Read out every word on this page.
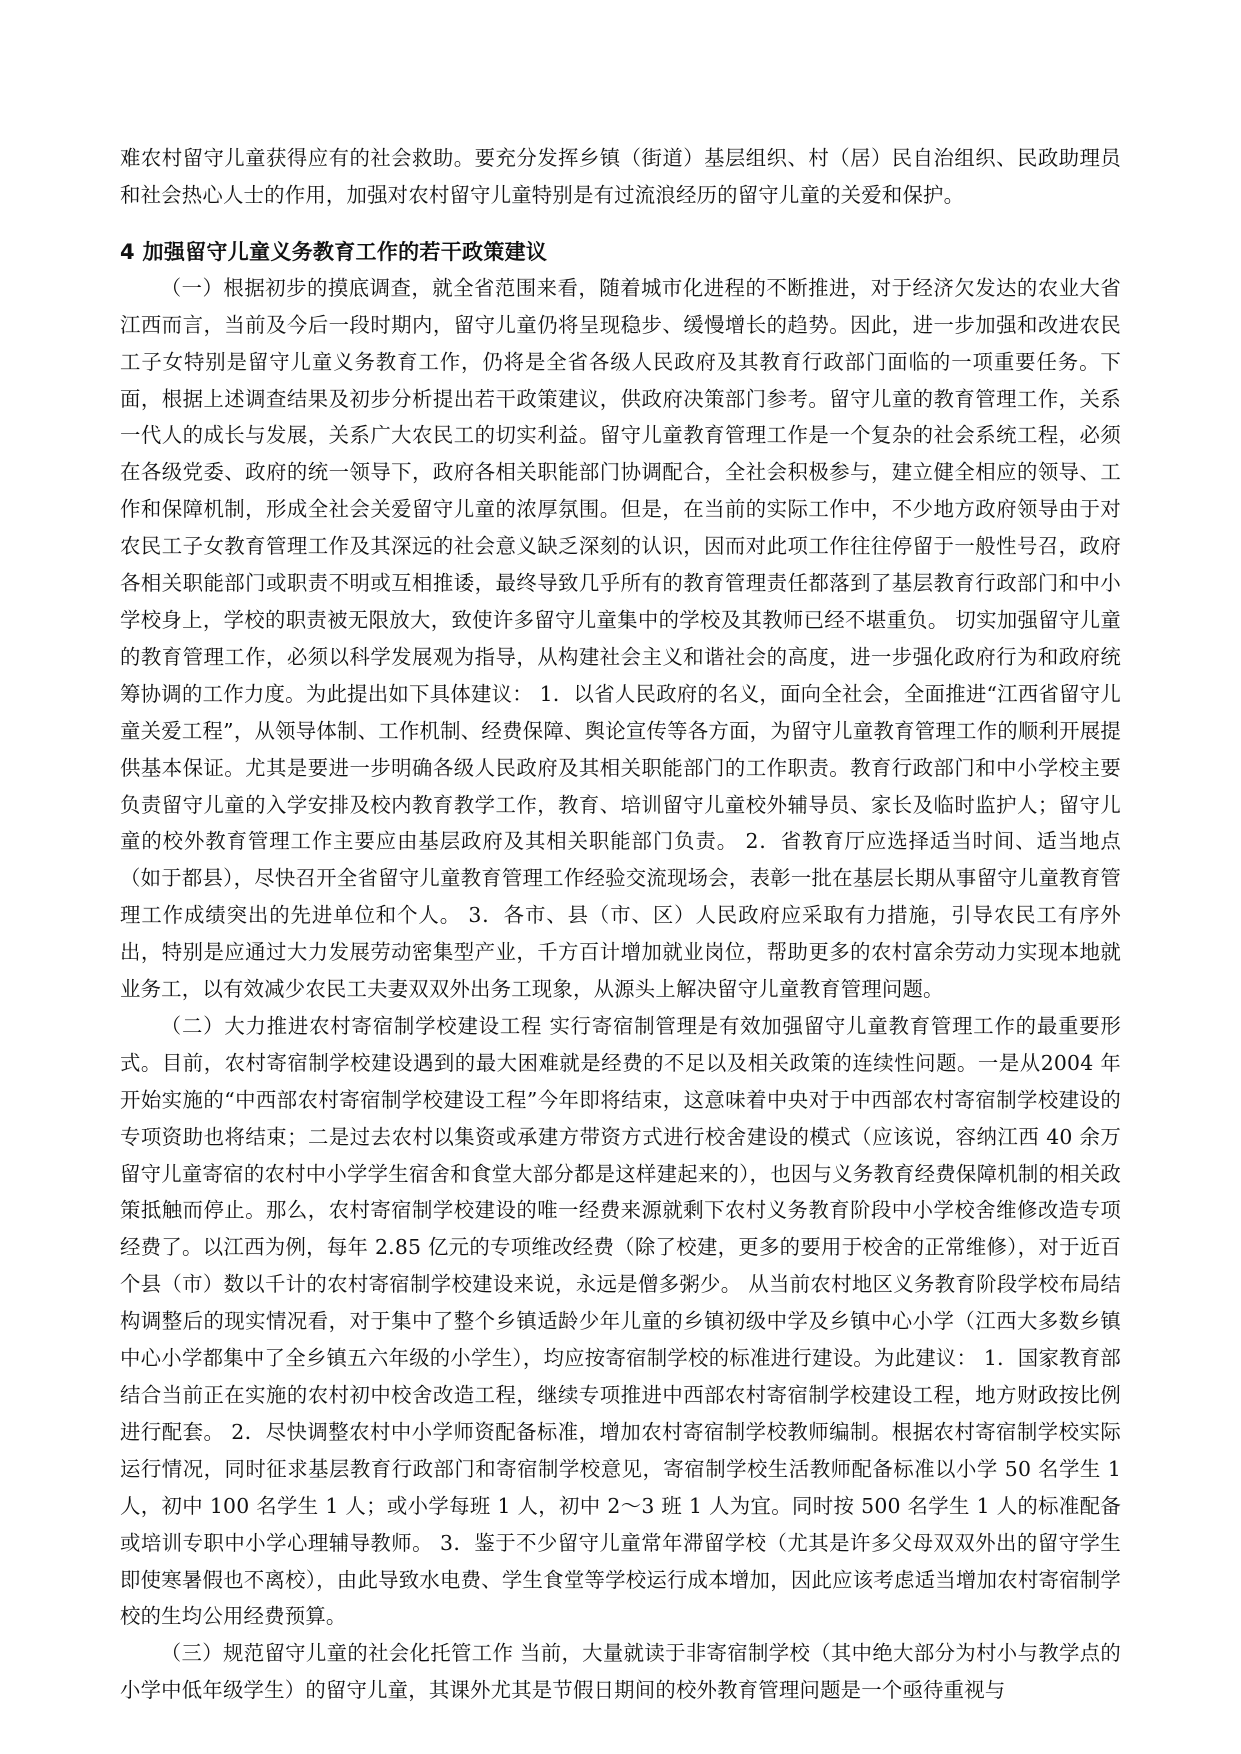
难农村留守儿童获得应有的社会救助。要充分发挥乡镇（街道）基层组织、村（居）民自治组织、民政助理员和社会热心人士的作用，加强对农村留守儿童特别是有过流浪经历的留守儿童的关爱和保护。

4 加强留守儿童义务教育工作的若干政策建议

（一）根据初步的摸底调查，就全省范围来看，随着城市化进程的不断推进，对于经济欠发达的农业大省江西而言，当前及今后一段时期内，留守儿童仍将呈现稳步、缓慢增长的趋势。因此，进一步加强和改进农民工子女特别是留守儿童义务教育工作，仍将是全省各级人民政府及其教育行政部门面临的一项重要任务。下面，根据上述调查结果及初步分析提出若干政策建议，供政府决策部门参考。留守儿童的教育管理工作，关系一代人的成长与发展，关系广大农民工的切实利益。留守儿童教育管理工作是一个复杂的社会系统工程，必须在各级党委、政府的统一领导下，政府各相关职能部门协调配合，全社会积极参与，建立健全相应的领导、工作和保障机制，形成全社会关爱留守儿童的浓厚氛围。但是，在当前的实际工作中，不少地方政府领导由于对农民工子女教育管理工作及其深远的社会意义缺乏深刻的认识，因而对此项工作往往停留于一般性号召，政府各相关职能部门或职责不明或互相推诿，最终导致几乎所有的教育管理责任都落到了基层教育行政部门和中小学校身上，学校的职责被无限放大，致使许多留守儿童集中的学校及其教师已经不堪重负。 切实加强留守儿童的教育管理工作，必须以科学发展观为指导，从构建社会主义和谐社会的高度，进一步强化政府行为和政府统筹协调的工作力度。为此提出如下具体建议： 1．以省人民政府的名义，面向全社会，全面推进“江西省留守儿童关爱工程”，从领导体制、工作机制、经费保障、舆论宣传等各方面，为留守儿童教育管理工作的顺利开展提供基本保证。尤其是要进一步明确各级人民政府及其相关职能部门的工作职责。教育行政部门和中小学校主要负责留守儿童的入学安排及校内教育教学工作，教育、培训留守儿童校外辅导员、家长及临时监护人；留守儿童的校外教育管理工作主要应由基层政府及其相关职能部门负责。 2．省教育厅应选择适当时间、适当地点（如于都县），尽快召开全省留守儿童教育管理工作经验交流现场会，表彰一批在基层长期从事留守儿童教育管理工作成绩突出的先进单位和个人。 3．各市、县（市、区）人民政府应采取有力措施，引导农民工有序外出，特别是应通过大力发展劳动密集型产业，千方百计增加就业岗位，帮助更多的农村富余劳动力实现本地就业务工，以有效减少农民工夫妻双双外出务工现象，从源头上解决留守儿童教育管理问题。

（二）大力推进农村寄宿制学校建设工程 实行寄宿制管理是有效加强留守儿童教育管理工作的最重要形式。目前，农村寄宿制学校建设遇到的最大困难就是经费的不足以及相关政策的连续性问题。一是从2004 年开始实施的“中西部农村寄宿制学校建设工程”今年即将结束，这意味着中央对于中西部农村寄宿制学校建设的专项资助也将结束；二是过去农村以集资或承建方带资方式进行校舍建设的模式（应该说，容纳江西 40 余万留守儿童寄宿的农村中小学学生宿舍和食堂大部分都是这样建起来的），也因与义务教育经费保障机制的相关政策抵触而停止。那么，农村寄宿制学校建设的唯一经费来源就剩下农村义务教育阶段中小学校舍维修改造专项经费了。以江西为例，每年 2.85 亿元的专项维改经费（除了校建，更多的要用于校舍的正常维修），对于近百个县（市）数以千计的农村寄宿制学校建设来说，永远是僧多粥少。 从当前农村地区义务教育阶段学校布局结构调整后的现实情况看，对于集中了整个乡镇适龄少年儿童的乡镇初级中学及乡镇中心小学（江西大多数乡镇中心小学都集中了全乡镇五六年级的小学生），均应按寄宿制学校的标准进行建设。为此建议： 1．国家教育部结合当前正在实施的农村初中校舍改造工程，继续专项推进中西部农村寄宿制学校建设工程，地方财政按比例进行配套。 2．尽快调整农村中小学师资配备标准，增加农村寄宿制学校教师编制。根据农村寄宿制学校实际运行情况，同时征求基层教育行政部门和寄宿制学校意见，寄宿制学校生活教师配备标准以小学 50 名学生 1 人，初中 100 名学生 1 人；或小学每班 1 人，初中 2～3 班 1 人为宜。同时按 500 名学生 1 人的标准配备或培训专职中小学心理辅导教师。 3．鉴于不少留守儿童常年滞留学校（尤其是许多父母双双外出的留守学生即使寒暑假也不离校），由此导致水电费、学生食堂等学校运行成本增加，因此应该考虑适当增加农村寄宿制学校的生均公用经费预算。

（三）规范留守儿童的社会化托管工作 当前，大量就读于非寄宿制学校（其中绝大部分为村小与教学点的小学中低年级学生）的留守儿童，其课外尤其是节假日期间的校外教育管理问题是一个亟待重视与
